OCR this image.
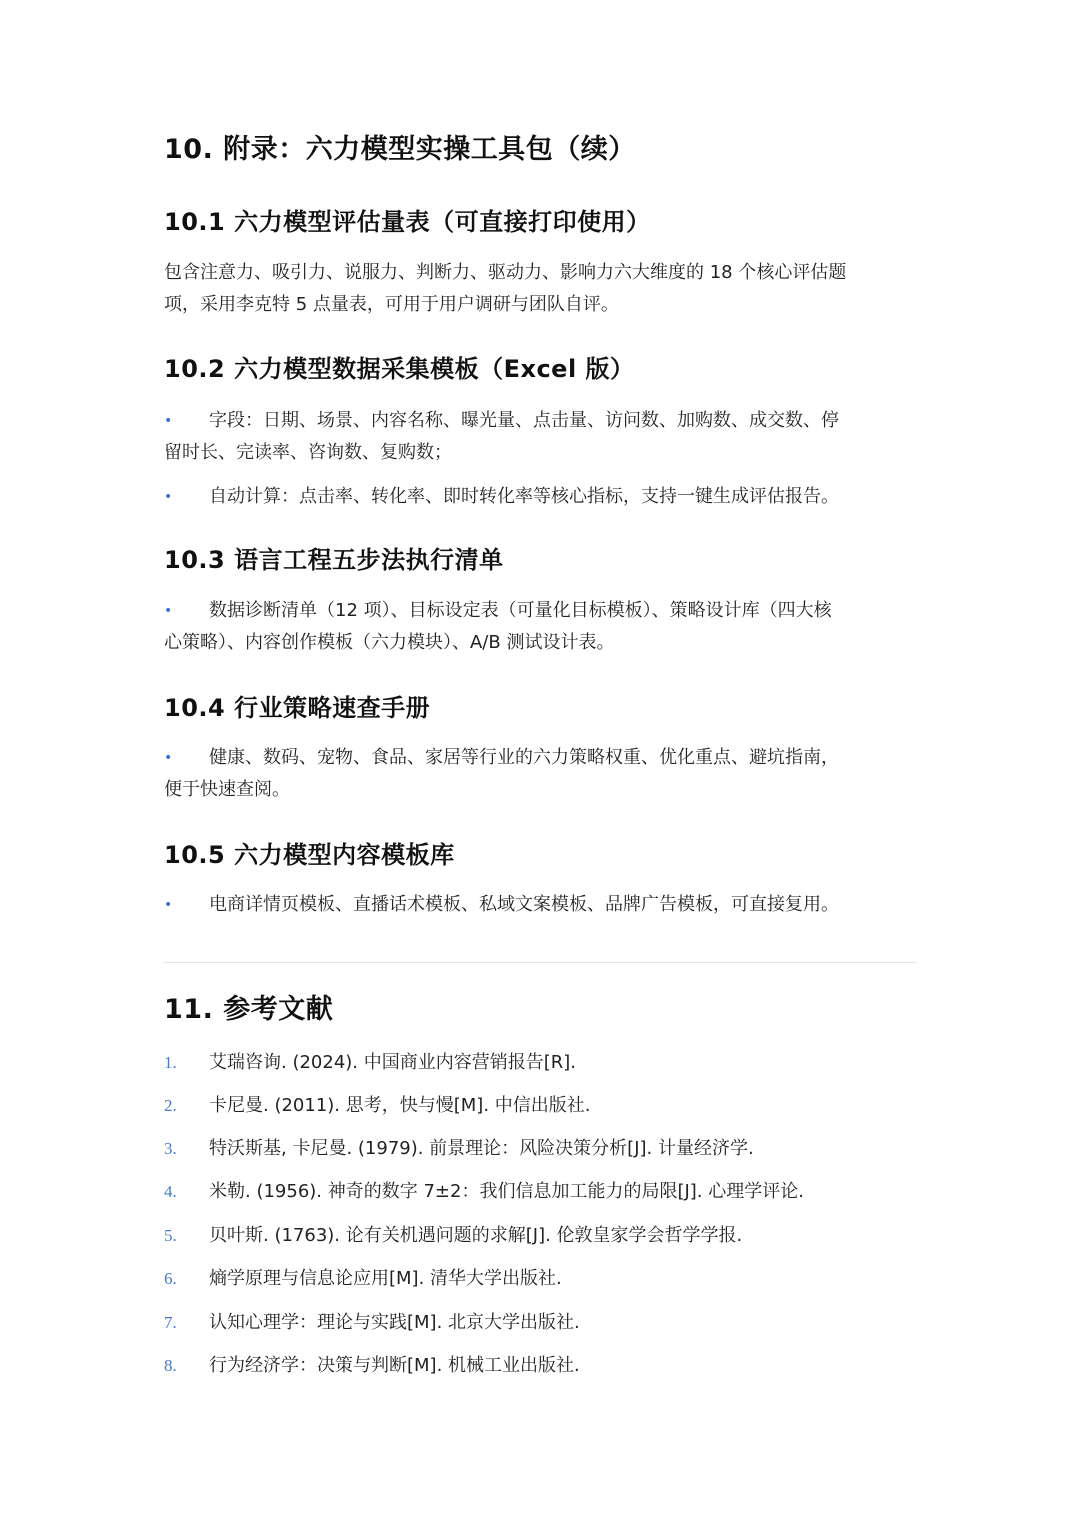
10. 附录：六力模型实操工具包（续）
10.1 六力模型评估量表（可直接打印使用）

包含注意力、吸引力、说服力、判断力、驱动力、影响力六大维度的 18 个核心评估题

项，采用李克特 5 点量表，可用于用户调研与团队自评。

10.2 六力模型数据采集模板（Excel 版）
• 字段：日期、场景、内容名称、曝光量、点击量、访问数、加购数、成交数、停
留时长、完读率、咨询数、复购数；
• 自动计算：点击率、转化率、即时转化率等核心指标，支持一键生成评估报告。
10.3 语言工程五步法执行清单
• 数据诊断清单（12 项）、目标设定表（可量化目标模板）、策略设计库（四大核
心策略）、内容创作模板（六力模块）、A/B 测试设计表。
10.4 行业策略速查手册
• 健康、数码、宠物、食品、家居等行业的六力策略权重、优化重点、避坑指南，
便于快速查阅。
10.5 六力模型内容模板库
• 电商详情页模板、直播话术模板、私域文案模板、品牌广告模板，可直接复用。
11. 参考文献
1. 艾瑞咨询. (2024). 中国商业内容营销报告[R].
2. 卡尼曼. (2011). 思考，快与慢[M]. 中信出版社.
3. 特沃斯基, 卡尼曼. (1979). 前景理论：风险决策分析[J]. 计量经济学.
4. 米勒. (1956). 神奇的数字 7±2：我们信息加工能力的局限[J]. 心理学评论.
5. 贝叶斯. (1763). 论有关机遇问题的求解[J]. 伦敦皇家学会哲学学报.
6. 熵学原理与信息论应用[M]. 清华大学出版社.
7. 认知心理学：理论与实践[M]. 北京大学出版社.
8. 行为经济学：决策与判断[M]. 机械工业出版社.
